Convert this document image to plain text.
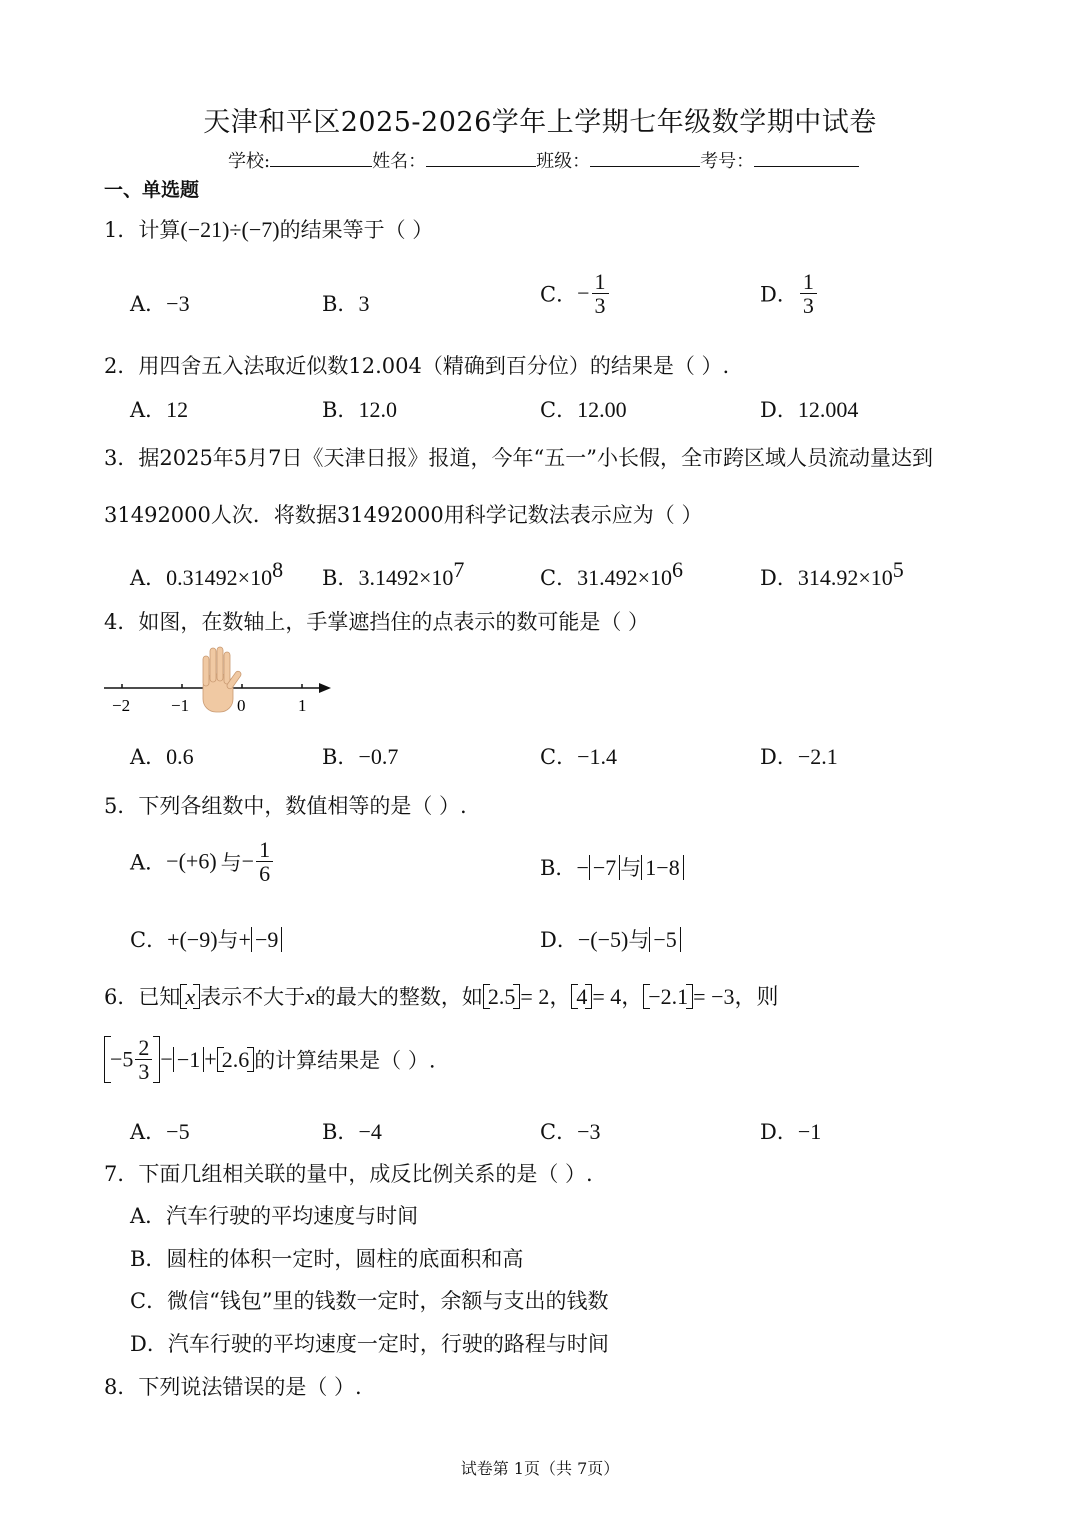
天津和平区2025-2026学年上学期七年级数学期中试卷
学校:	姓名：	班级：	考号：
一、单选题
1．计算(−21)÷(−7)的结果等于（ ）
A．−3	B．3	C．− $\frac{1}{3}$	D． $\frac{1}{3}$
2．用四舍五入法取近似数12.004（精确到百分位）的结果是（ ）.
A．12	B．12.0	C．12.00	D．12.004
3．据2025年5月7日《天津日报》报道，今年“五一”小长假，全市跨区域人员流动量达到
31492000人次．将数据31492000用科学记数法表示应为（ ）
A．$0.31492\times 10^8$ B．$3.1492\times 10^7$	C．$31.492\times 10^6$	D．$314.92\times 10^5$
4．如图，在数轴上，手掌遮挡住的点表示的数可能是（ ）
−2 −1	0	1
A．0.6	B．−0.7	C．−1.4	D．−2.1
5．下列各组数中，数值相等的是（ ）.
A．−(+6) 与− $\frac{1}{6}$	B．− −7 与 1−8
C．+(−9)与+ −9	D．−(−5)与 −5
6．已知 x 表示不大于x的最大的整数，如 2.5 = 2， 4 = 4， −2.1 = −3，则
$-5 \frac{2}{3} - -1 + 2.6$ 的计算结果是（ ）.
A．−5	B．−4	C．−3	D．−1
7．下面几组相关联的量中，成反比例关系的是（ ）.
A．汽车行驶的平均速度与时间
B．圆柱的体积一定时，圆柱的底面积和高
C．微信“钱包”里的钱数一定时，余额与支出的钱数
D．汽车行驶的平均速度一定时，行驶的路程与时间
8．下列说法错误的是（ ）.
试卷第 1页（共 7页）
